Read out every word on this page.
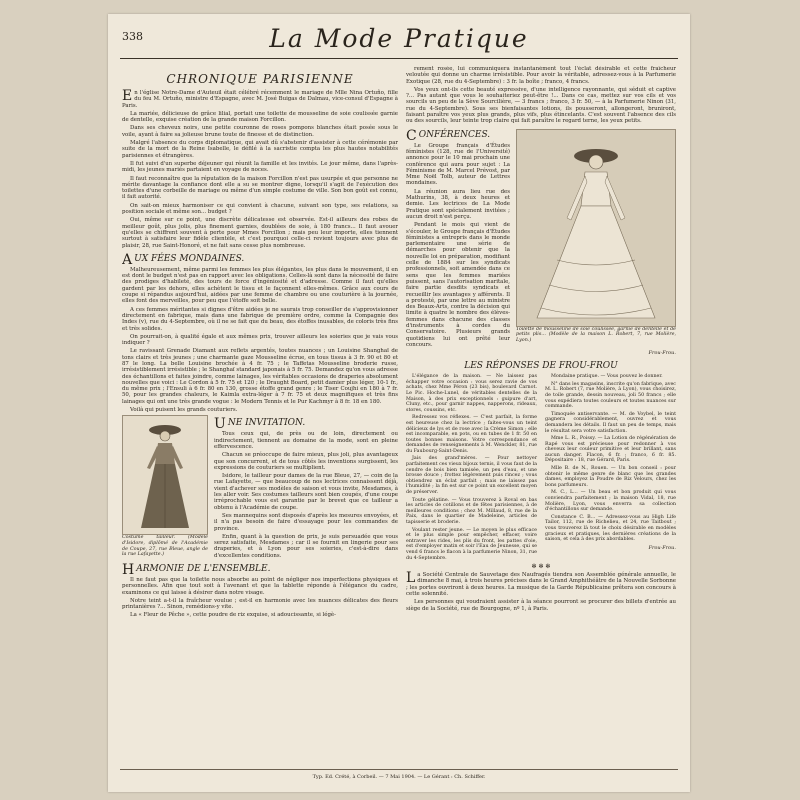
338	La Mode Pratique
CHRONIQUE PARISIENNE

En l'église Notre-Dame d'Auteuil était célébré récemment le mariage de Mlle Nina Ortuño, fille du feu M. Ortuño, ministre d'Espagne, avec M. José Buigas de Dalmau, vice-consul d'Espagne à Paris.

La mariée, délicieuse de grâce lilial, portait une toilette de mousseline de soie coulissée garnie de dentelle, exquise création de la grande maison Forcillon.

Dans ses cheveux noirs, une petite couronne de roses pompons blanches était posée sous le voile, ayant à faire sa jolieuse brune toute de finesse et de distinction.

Malgré l'absence du corps diplomatique, qui avait dû s'abstenir d'assister à cette cérémonie par suite de la mort de la Reine Isabelle, le défilé à la sacristie compta les plus hautes notabilités parisiennes et étrangères.

Il fut suivi d'un superbe déjeuner qui réunit la famille et les invités. Le jour même, dans l'après-midi, les jeunes mariés partaient en voyage de noces.

Il faut reconnaître que la réputation de la maison Forcillon n'est pas usurpée et que personne ne mérite davantage la confiance dont elle a su se montrer digne, lorsqu'il s'agit de l'exécution des toilettes d'une corbeille de mariage ou même d'un simple costume de ville. Son bon goût est connu, il fait autorité.

On sait-on mieux harmoniser ce qui convient à chacune, suivant son type, ses relations, sa position sociale et même son... budget ?

Oui, même sur ce point, une discrète délicatesse est observée. Est-il ailleurs des robes de meilleur goût, plus jolis, plus finement garnies, doublées de soie, à 180 francs... Il faut avouer qu'elles se chiffrent souvent à perte pour Mmes Forcillon ; mais peu leur importe, elles tiennent surtout à satisfaire leur fidèle clientèle, et c'est pourquoi celle-ci revient toujours avec plus de plaisir, 28, rue Saint-Honoré, et ne fait sans cesse plus nombreuse.

AUX FÉES MONDAINES.

Malheureusement, même parmi les femmes les plus élégantes, les plus dans le mouvement, il en est dont le budget n'est pas en rapport avec les obligations. Celles-là sont dans la nécessité de faire des prodiges d'habileté, des tours de force d'ingéniosité et d'adresse. Comme il faut qu'elles gardent par les dehors, elles achètent le tissu et le façonnent elles-mêmes. Grâce aux cours de coupe si répandus aujourd'hui, aidées par une femme de chambre ou une couturière à la journée, elles font des merveilles, pour peu que l'étoffe soit belle.

A ces femmes méritantes si dignes d'être aidées je ne saurais trop conseiller de s'approvisionner directement en fabrique, mais dans une fabrique de première ordre, comme la Compagnie des Indes (v), rue du 4-Septembre, où il ne se fait que du beau, des étoffes inusables, de coloris très fins et très solides.

On pourrait-on, à qualité égale et aux mêmes prix, trouver ailleurs les soieries que je vais vous indiquer ?

Le ravissant Grenade Diamant aux reflets argentés, toutes nuances ; un Louisine Shanghaï de tons clairs et très jeunes ; une charmante gaze Mousseline écrue, en tous tissus à 3 fr. 90 et 80 et 87 le long. La belle Louisine brochée à 4 fr. 75 ; le Taffetas Mousseline broderie russe, irrésistiblement irrésistible ; le Shanghaï standard japonais à 5 fr. 75. Demandez qu'on vous adresse des échantillons et faites joindre, comme lainages, les véritables occasions de draperies absolument nouvelles que voici : Le Cordon à 5 fr. 75 et 120 ; le Draught Board, petit damier plus léger, 10-1 fr., du même prix ; l'Ensuli à 6 fr. 80 en 130, grosse étoffe grand genre ; le Tiser Coujhi en 180 à 7 fr. 50, pour les grandes chaleurs, le Kaimla extra-léger à 7 fr. 75 et deux magnifiques et très fins lainages qui ont une très grande vogue : le Modern Tennis et le Pur Kachmyr à 8 fr. 18 en 180.

Voilà qui puisent les grands couturiers.

Costume tailleur. (Modèle d'Isidore, diplômé de l'Académie de Coupe, 27, rue Bleue, angle de la rue Lafayette.)
UNE INVITATION.

Tous ceux qui, de près ou de loin, directement ou indirectement, tiennent au domaine de la mode, sont en pleine effervescence.

Chacun se préoccupe de faire mieux, plus joli, plus avantageux que son concurrent, et de tous côtés les inventions surgissent, les expressions de couturiers se multiplient.

Isidore, le tailleur pour dames de la rue Bleue, 27, — coin de la rue Lafayette, — que beaucoup de nos lectrices connaissent déjà, vient d'achever ses modèles de saison et vous invite, Mesdames, à les aller voir. Ses costumes tailleurs sont bien coupés, d'une coupe irréprochable vous est garantie par le brevet que ce tailleur a obtenu à l'Académie de coupe.

Ses mannequins sont disposés d'après les mesures envoyées, et il n'a pas besoin de faire d'essayage pour les commandes de province.

Enfin, quant à la question de prix, je suis persuadée que vous serez satisfaite, Mesdames ; car il se fournit en lingerie pour ses draperies, et à Lyon pour ses soieries, c'est-à-dire dans d'excellentes conditions.

HARMONIE DE L'ENSEMBLE.

Il ne faut pas que la toilette nous absorbe au point de négliger nos imperfections physiques et personnelles. Afin que tout soit à l'avenant et que la tablette réponde à l'élégance du cadre, examinons ce qui laisse à désirer dans notre visage.

Notre teint a-t-il la fraîcheur voulue ; est-il en harmonie avec les nuances délicates des fleurs printanières ?... Sinon, remédions-y vite.

La « Fleur de Pêche », cette poudre de riz exquise, si adoucissante, si légè-

rement rosée, lui communiquera instantanément tout l'éclat désirable et cette fraîcheur veloutée qui donne un charme irrésistible. Pour avoir la véritable, adressez-vous à la Parfumerie Exotique (28, rue du 4-Septembre) : 3 fr. la boîte ; franco, 4 francs.

Vos yeux ont-ils cette beauté expressive, d'une intelligence rayonnante, qui séduit et captive ?... Pas autant que vous le souhaiteriez peut-être !... Dans ce cas, mettez sur vos cils et vos sourcils un peu de la Sève Sourcilière, — 3 francs ; franco, 3 fr. 50, — à la Parfumerie Ninon (31, rue du 4-Septembre). Sous ses bienfaisantes lotions, ils pousseront, allongeront, bruniront, faisant paraître vos yeux plus grands, plus vifs, plus étincelants. C'est souvent l'absence des cils ou des sourcils, leur teinte trop claire qui fait paraître le regard terne, les yeux petits.

Toilette de mousseline de soie coulissée, garnie de dentelle et de petits plis... (Modèle de la maison L. Robert, 7, rue Molière, Lyon.)
CONFÉRENCES.

Le Groupe français d'Études féministes (128, rue de l'Université) annonce pour le 10 mai prochain une conférence qui aura pour sujet : La Féminisme de M. Marcel Prévost, par Mme Noël Tolb, auteur de Lettres mondaines.

La réunion aura lieu rue des Mathurins, 38, à deux heures et demie. Les lectrices de La Mode Pratique sont spécialement invitées ; aucun droit n'est perçu.

Pendant le mois qui vient de s'écouler, le Groupe français d'Études féministes a entrepris dans le monde parlementaire une série de démarches pour obtenir que la nouvelle loi en préparation, modifiant celle de 1884 sur les syndicats professionnels, soit amendée dans ce sens que les femmes mariées puissent, sans l'autorisation maritale, faire partie desdits syndicats et recueillir les avantages y afférents. Il a protesté, par une lettre au ministre des Beaux-Arts, contre la décision qui limite à quatre le nombre des élèves-femmes dans chacune des classes d'instruments à cordes du Conservatoire. Plusieurs grands quotidiens lui ont prêté leur concours.

Frou-Frou.
LES RÉPONSES DE FROU-FROU

L'élégance de la maison. — Ne laissez pas échapper votre occasion : vous serez ravie de vos achats, chez Mme Péron (23 bis), boulevard Carnot. Le Pic. Hoche-Lunel, de véritables dentelles de la Maison, à des prix exceptionnels : guipure d'art, Cluny, etc., pour garnir nappes, napperons, rideaux, stores, coussins, etc.

Redressez vos réflexes. — C'est parfait, la forme est heureuse chez la lectrice ; faites-vous un teint délicieux de lys et de rose avec la Crème Simon ; elle est incomparable, en pots, ou en tubes de 1 fr. 50 en toutes bonnes maisons. Votre correspondance et demandes de renseignements à M. Wenckler, 81, rue du Faubourg-Saint-Denis.

Jais des grand'mères. — Pour nettoyer parfaitement ces vieux bijoux ternis, il vous faut de la cendre de bois bien tamisée, un peu d'eau, et une brosse douce ; frottez légèrement puis rincez ; vous obtiendrez un éclat parfait ; mais ne laissez pas l'humidité ; la fin est sur ce point un excellent moyen de préserver.

Toute gélatine. — Vous trouverez à Roval en bas les articles de cotillons et de fêtes parisiennes, à de meilleures conditions ; chez M. Millaud, 8, rue de la Paix, dans le quartier de Madeleine, articles de tapisserie et broderie.

Voulant rester jeune. — Le moyen le plus efficace et le plus simple pour empêcher, effacer, voire entraver les rides, les plis du front, les pattes d'oie, est d'employer matin et soir l'Eau de Jeunesse, qui se vend 6 francs le flacon à la parfumerie Ninon, 31, rue du 4-Septembre.

Mondaine pratique. — Vous pouvez le donner.

N° dans les magasins, inscrite qu'on fabrique, avec M. L. Robert (7, rue Molière, à Lyon), vous choisirez, de toile grande, dessin nouveau, joli 50 francs ; elle vous expédiera toutes couleurs et toutes nuances sur commande.

Timoquée antiservante. — M. de Voybel, le teint gagnera considérablement, ouvrez et vous demandera les détails. Il faut un peu de temps, mais le résultat sera votre satisfaction.

Mme L. R., Poissy. — La Lotion de régénération de Rapé vous est précieuse pour redonner à vos cheveux leur couleur primitive et leur brillant, sans aucun danger. Flacon, 6 fr. ; franco, 6 fr. 85. Dépositaire : 18, rue Gérard, Paris.

Mlle B. de N., Rouen. — Un bon conseil : pour obtenir le même genre de blanc que les grandes dames, employez la Poudre de Riz Velours, chez les bons parfumeurs.

M. C., L... — Un beau et bon produit qui vous conviendra parfaitement ; la maison Vidal, 18, rue Molière, Lyon, vous enverra sa collection d'échantillons sur demande.

Constance C. B... — Adressez-vous au High Life Tailor, 112, rue de Richelieu, et 24, rue Taitbout ; vous trouverez là tout le choix désirable en modèles gracieux et pratiques, les dernières créations de la saison, et cela à des prix abordables.

Frou-Frou.
✻ ✻ ✻

La Société Centrale de Sauvetage des Naufragés tiendra son Assemblée générale annuelle, le dimanche 8 mai, à trois heures précises dans le Grand Amphithéâtre de la Nouvelle Sorbonne ; les portes ouvriront à deux heures. La musique de la Garde Républicaine prêtera son concours à cette solennité.

Les personnes qui voudraient assister à la séance pourront se procurer des billets d'entrée au siège de la Société, rue de Bourgogne, nº 1, à Paris.

Typ. Ed. Crété, à Corbeil. — 7 Mai 1904. — Le Gérant : Ch. Schiffer.
